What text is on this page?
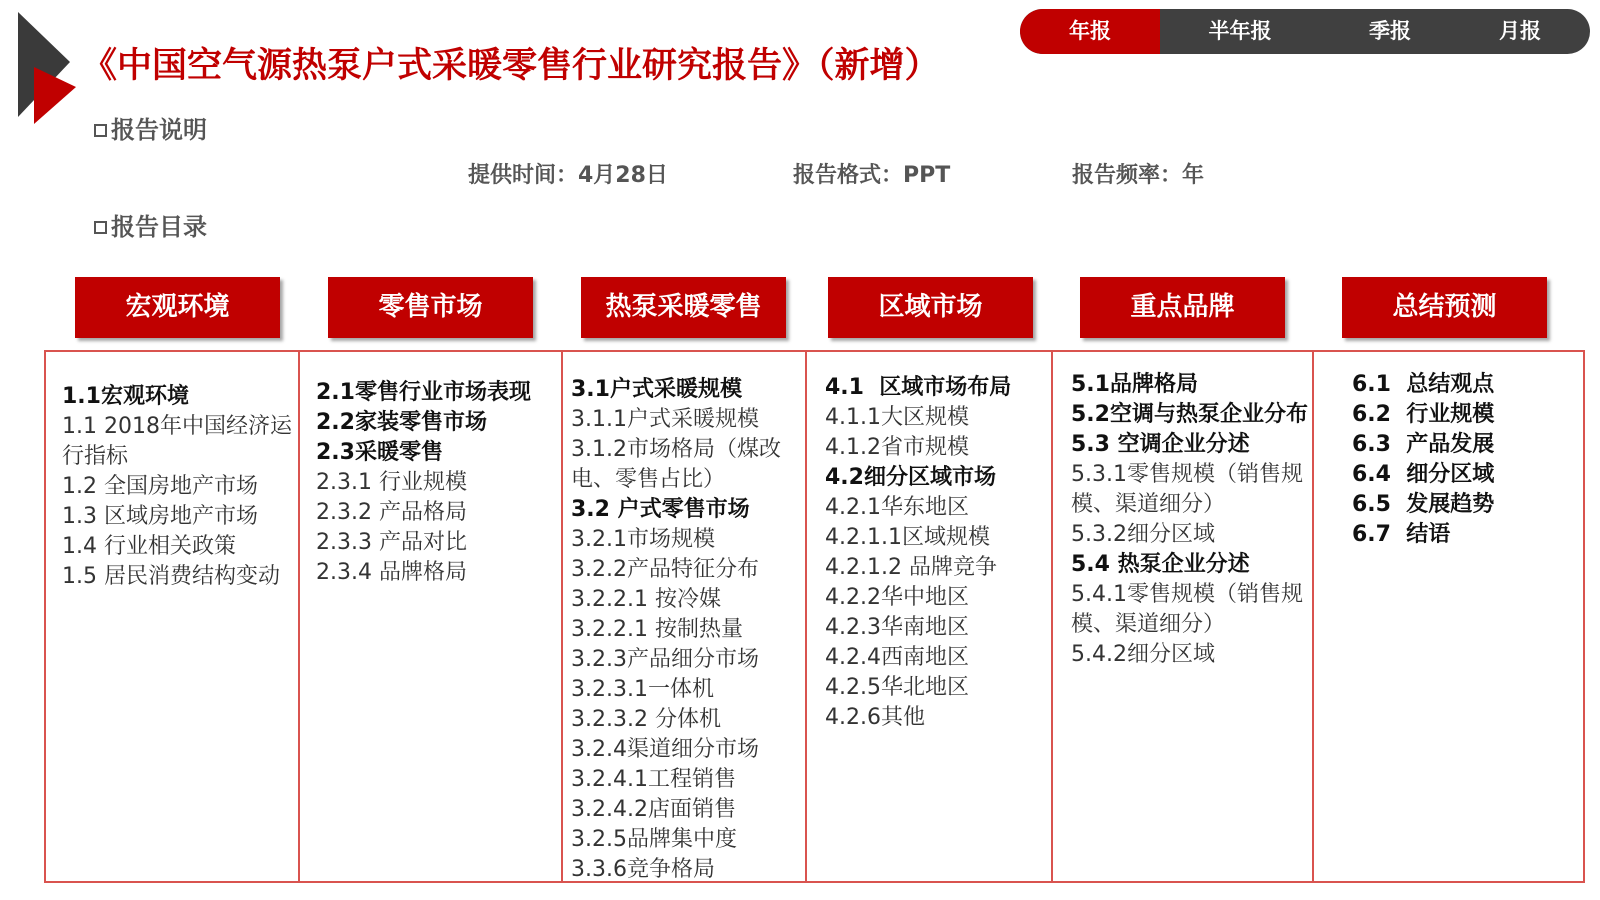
《中国空气源热泵户式采暖零售行业研究报告》（新增）
年报	半年报	季报	月报
报告说明
提供时间：4月28日	报告格式：PPT	报告频率：年
报告目录
宏观环境	零售市场	热泵采暖零售	区域市场	重点品牌	总结预测
1.1宏观环境
1.1 2018年中国经济运行指标
1.2 全国房地产市场
1.3 区域房地产市场
1.4 行业相关政策
1.5 居民消费结构变动
2.1零售行业市场表现
2.2家装零售市场
2.3采暖零售
2.3.1 行业规模
2.3.2 产品格局
2.3.3 产品对比
2.3.4 品牌格局
3.1户式采暖规模
3.1.1户式采暖规模
3.1.2市场格局（煤改电、零售占比）
3.2 户式零售市场
3.2.1市场规模
3.2.2产品特征分布
3.2.2.1 按冷媒
3.2.2.1 按制热量
3.2.3产品细分市场
3.2.3.1一体机
3.2.3.2 分体机
3.2.4渠道细分市场
3.2.4.1工程销售
3.2.4.2店面销售
3.2.5品牌集中度
3.3.6竞争格局
4.1  区域市场布局
4.1.1大区规模
4.1.2省市规模
4.2细分区域市场
4.2.1华东地区
4.2.1.1区域规模
4.2.1.2 品牌竞争
4.2.2华中地区
4.2.3华南地区
4.2.4西南地区
4.2.5华北地区
4.2.6其他
5.1品牌格局
5.2空调与热泵企业分布
5.3 空调企业分述
5.3.1零售规模（销售规模、渠道细分）
5.3.2细分区域
5.4 热泵企业分述
5.4.1零售规模（销售规模、渠道细分）
5.4.2细分区域
6.1  总结观点
6.2  行业规模
6.3  产品发展
6.4  细分区域
6.5  发展趋势
6.7  结语
